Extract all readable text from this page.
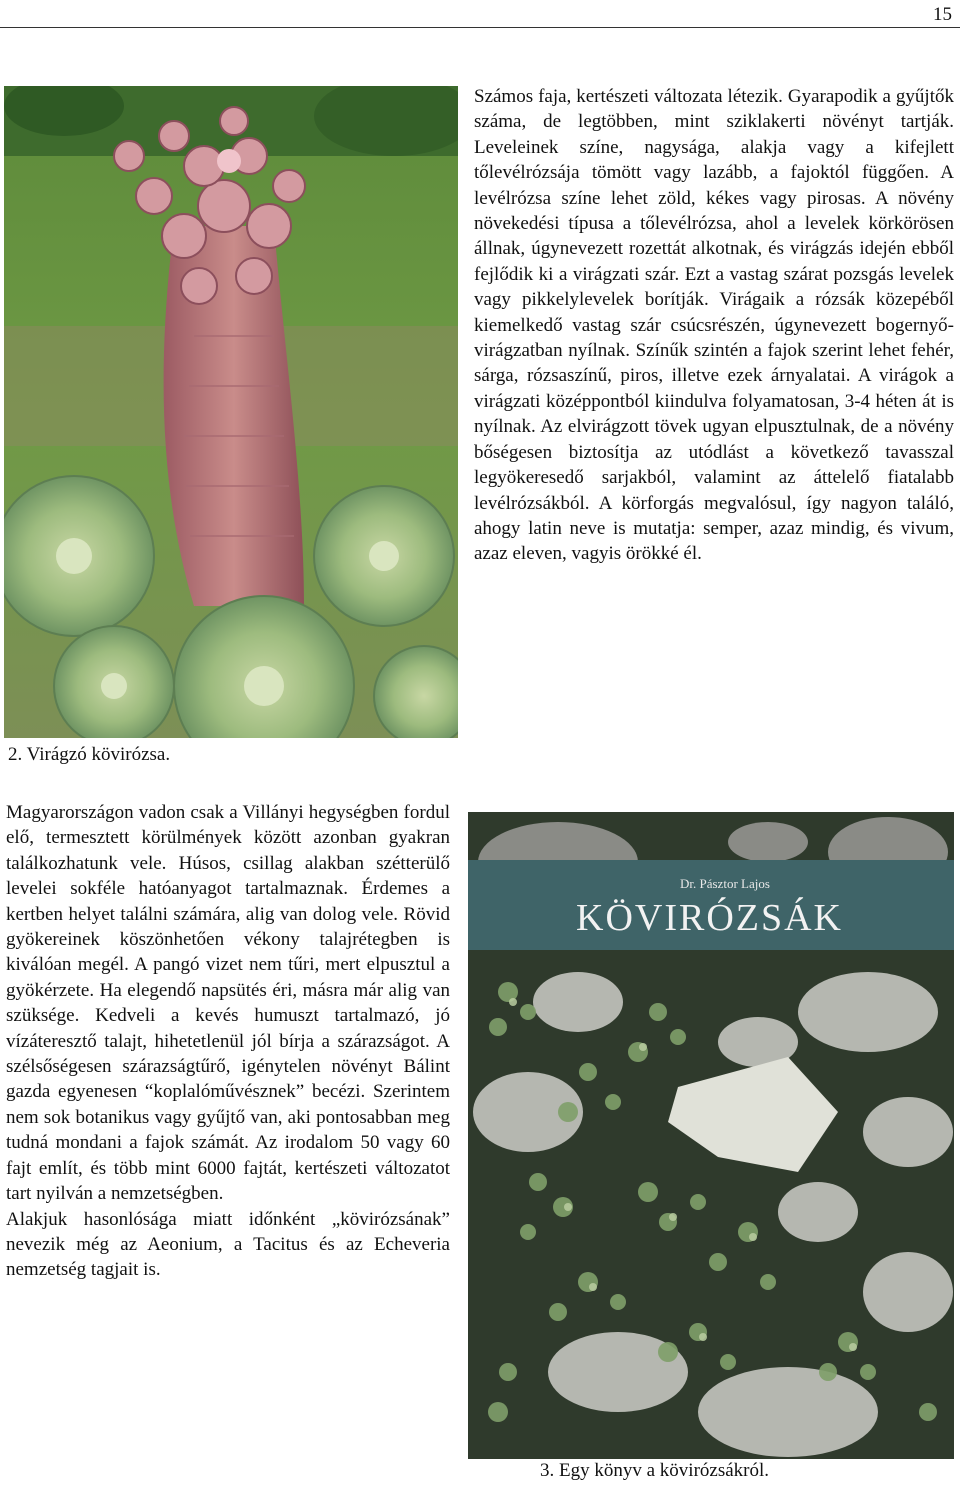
15
2. Virágzó kövirózsa.

Számos faja, kertészeti változata létezik. Gyarapodik a gyűjtők száma, de legtöbben, mint sziklakerti növényt tartják. Leveleinek színe, nagysága, alakja vagy a kifejlett tőlevélrózsája tömött vagy lazább, a fajoktól függően. A levélrózsa színe lehet zöld, kékes vagy pirosas. A növény növekedési típusa a tőlevélrózsa, ahol a levelek körkörösen állnak, úgynevezett rozettát alkotnak, és virágzás idején ebből fejlődik ki a virágzati szár. Ezt a vastag szárat pozsgás levelek vagy pikkelylevelek borítják. Virágaik a rózsák közepéből kiemelkedő vastag szár csúcsrészén, úgynevezett bogernyő-virágzatban nyílnak. Színűk szintén a fajok szerint lehet fehér, sárga, rózsaszínű, piros, illetve ezek árnyalatai. A virágok a virágzati középpontból kiindulva folyamatosan, 3-4 héten át is nyílnak. Az elvirágzott tövek ugyan elpusztulnak, de a növény bőségesen biztosítja az utódlást a következő tavasszal legyökeresedő sarjakból, valamint az áttelelő fiatalabb levélrózsákból. A körforgás megvalósul, így nagyon találó, ahogy latin neve is mutatja: semper, azaz mindig, és vivum, azaz eleven, vagyis örökké él.

Magyarországon vadon csak a Villányi hegységben fordul elő, termesztett körülmények között azonban gyakran találkozhatunk vele. Húsos, csillag alakban szétterülő levelei sokféle hatóanyagot tartalmaznak. Érdemes a kertben helyet találni számára, alig van dolog vele. Rövid gyökereinek köszönhetően vékony talajrétegben is kiválóan megél. A pangó vizet nem tűri, mert elpusztul a gyökérzete. Ha elegendő napsütés éri, másra már alig van szüksége. Kedveli a kevés humuszt tartalmazó, jó vízáteresztő talajt, hihetetlenül jól bírja a szárazságot. A szélsőségesen szárazságtűrő, igénytelen növényt Bálint gazda egyenesen “koplalóművésznek” becézi. Szerintem nem sok botanikus vagy gyűjtő van, aki pontosabban meg tudná mondani a fajok számát. Az irodalom 50 vagy 60 fajt említ, és több mint 6000 fajtát, kertészeti változatot tart nyilván a nemzetségben.

Alakjuk hasonlósága miatt időnként „kövirózsának” nevezik még az Aeonium, a Tacitus és az Echeveria nemzetség tagjait is.

Dr. Pásztor Lajos
KÖVIRÓZSÁK
3. Egy könyv a kövirózsákról.
